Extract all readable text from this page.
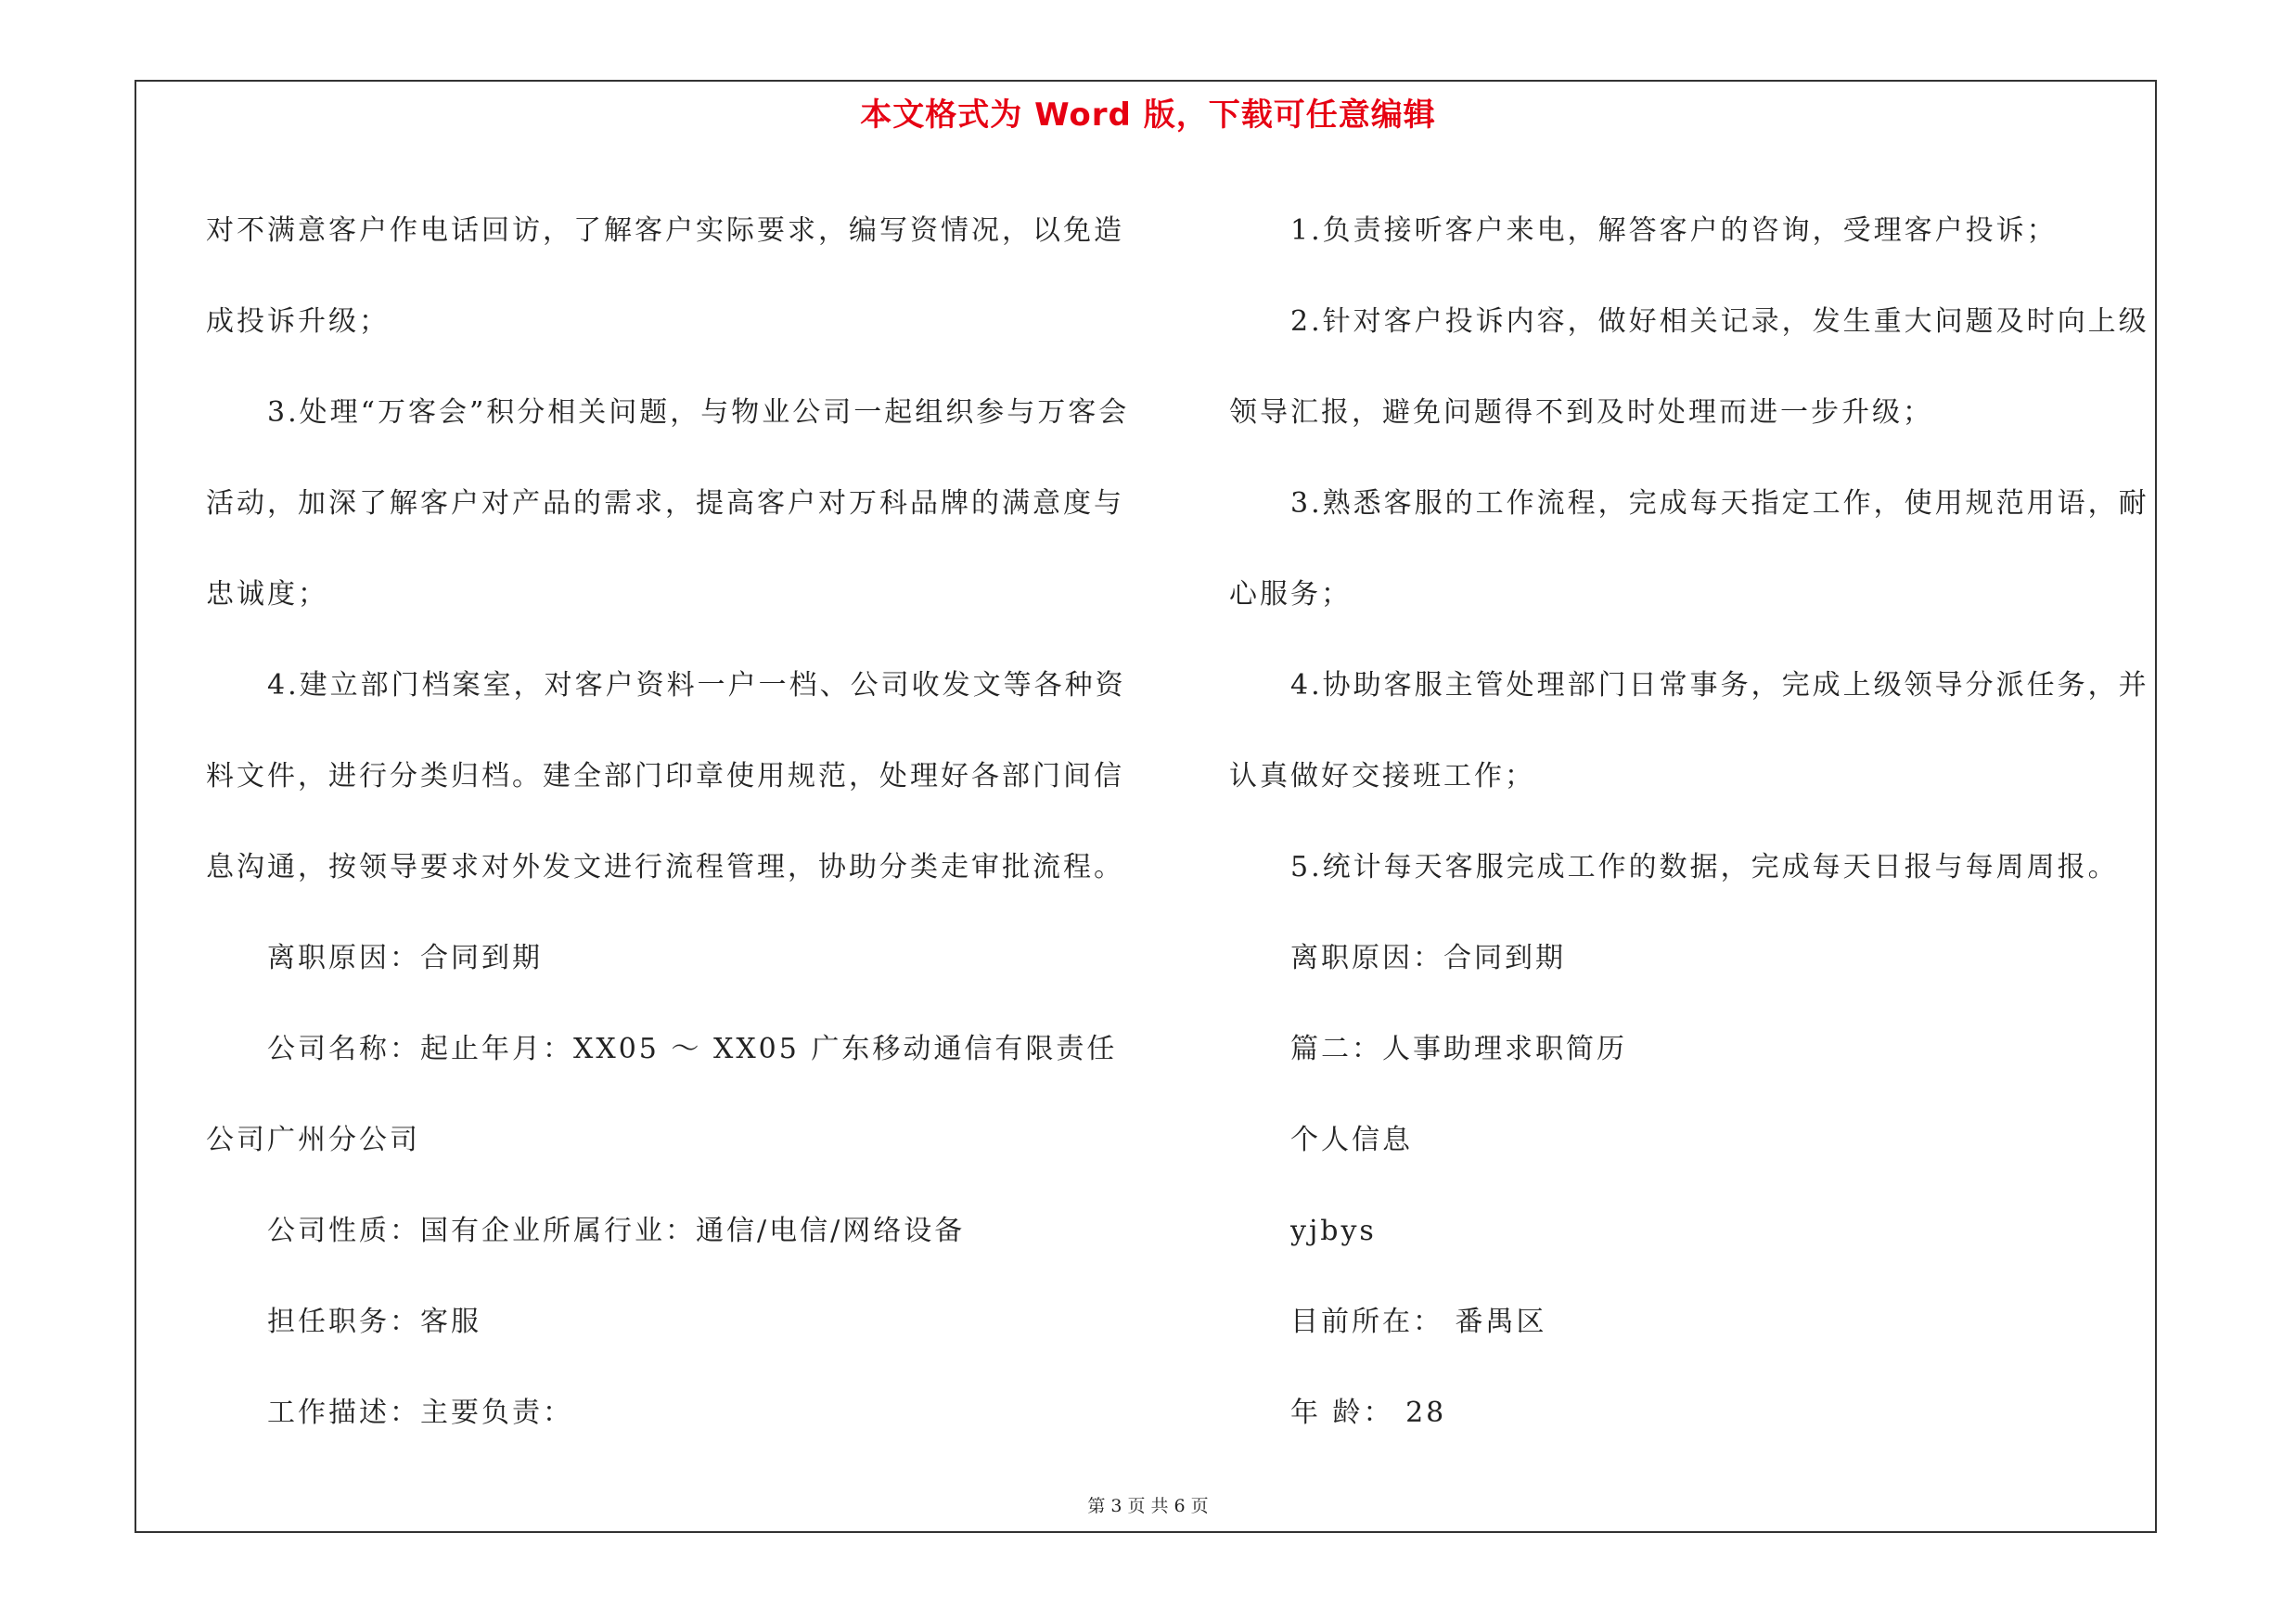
本文格式为 Word 版，下载可任意编辑

对不满意客户作电话回访，了解客户实际要求，编写资情况，以免造成投诉升级；

3.处理“万客会”积分相关问题，与物业公司一起组织参与万客会活动，加深了解客户对产品的需求，提高客户对万科品牌的满意度与忠诚度；

4.建立部门档案室，对客户资料一户一档、公司收发文等各种资料文件，进行分类归档。建全部门印章使用规范，处理好各部门间信息沟通，按领导要求对外发文进行流程管理，协助分类走审批流程。

离职原因：合同到期

公司名称：起止年月：XX05 ～ XX05 广东移动通信有限责任公司广州分公司

公司性质：国有企业所属行业：通信/电信/网络设备

担任职务：客服

工作描述：主要负责：

1.负责接听客户来电，解答客户的咨询，受理客户投诉；

2.针对客户投诉内容，做好相关记录，发生重大问题及时向上级领导汇报，避免问题得不到及时处理而进一步升级；

3.熟悉客服的工作流程，完成每天指定工作，使用规范用语，耐心服务；

4.协助客服主管处理部门日常事务，完成上级领导分派任务，并认真做好交接班工作；

5.统计每天客服完成工作的数据，完成每天日报与每周周报。

离职原因：合同到期

篇二：人事助理求职简历

个人信息

yjbys

目前所在： 番禺区

年 龄： 28

第 3 页 共 6 页
